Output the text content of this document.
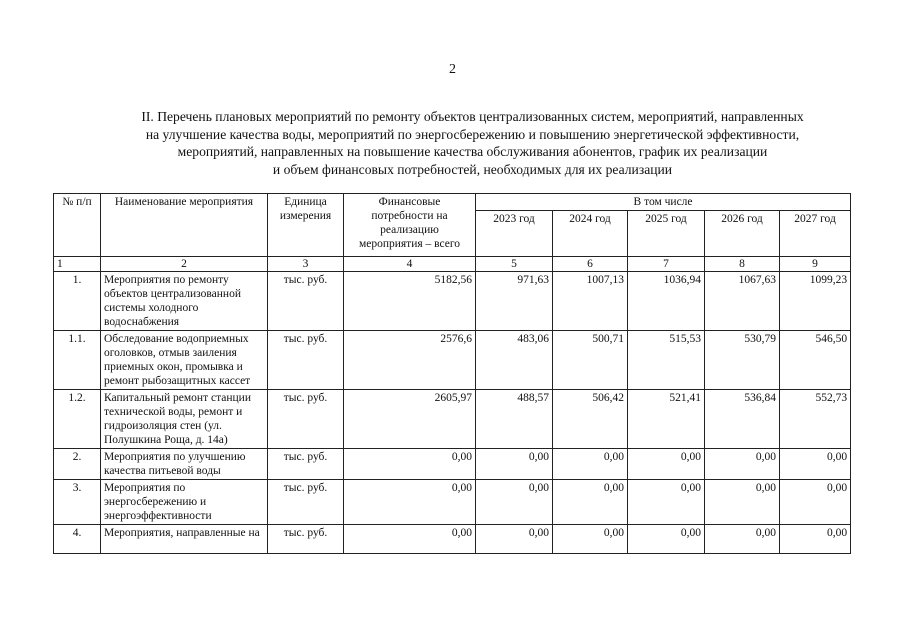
2
II. Перечень плановых мероприятий по ремонту объектов централизованных систем, мероприятий, направленных
на улучшение качества воды, мероприятий по энергосбережению и повышению энергетической эффективности,
мероприятий, направленных на повышение качества обслуживания абонентов, график их реализации
и объем финансовых потребностей, необходимых для их реализации
№ п/п	Наименование мероприятия	Единица измерения	Финансовые потребности на реализацию мероприятия – всего	В том числе				
				2023 год	2024 год	2025 год	2026 год	2027 год
1	2	3	4	5	6	7	8	9
1.	Мероприятия по ремонту объектов централизованной системы холодного водоснабжения	тыс. руб.	5182,56	971,63	1007,13	1036,94	1067,63	1099,23
1.1.	Обследование водоприемных оголовков, отмыв заиления приемных окон, промывка и ремонт рыбозащитных кассет	тыс. руб.	2576,6	483,06	500,71	515,53	530,79	546,50
1.2.	Капитальный ремонт станции технической воды, ремонт и гидроизоляция стен (ул. Полушкина Роща, д. 14а)	тыс. руб.	2605,97	488,57	506,42	521,41	536,84	552,73
2.	Мероприятия по улучшению качества питьевой воды	тыс. руб.	0,00	0,00	0,00	0,00	0,00	0,00
3.	Мероприятия по энергосбережению и энергоэффективности	тыс. руб.	0,00	0,00	0,00	0,00	0,00	0,00
4.	Мероприятия, направленные на	тыс. руб.	0,00	0,00	0,00	0,00	0,00	0,00
